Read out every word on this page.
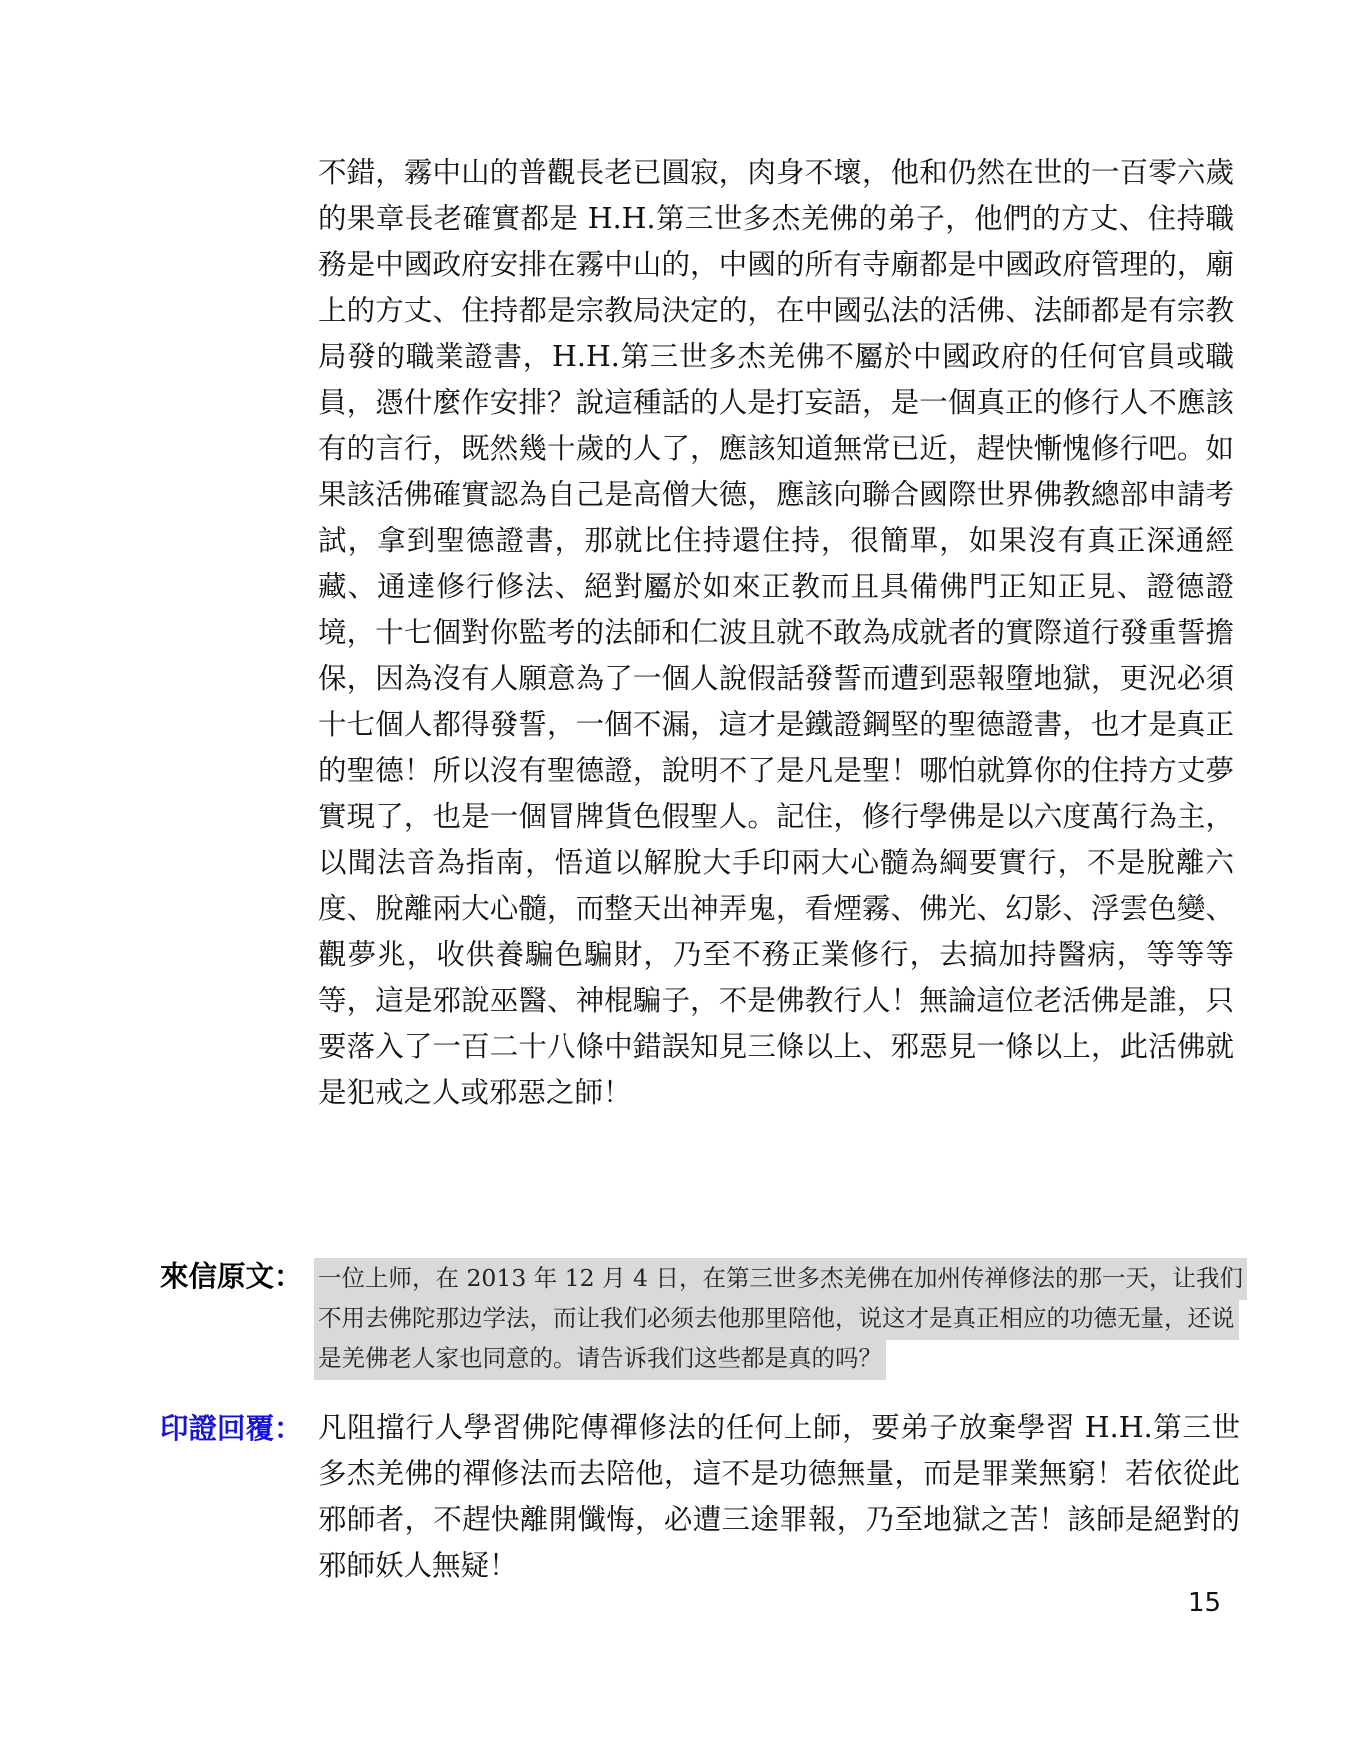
不錯，霧中山的普觀長老已圓寂，肉身不壞，他和仍然在世的一百零六歲的果章長老確實都是 H.H.第三世多杰羌佛的弟子，他們的方丈、住持職務是中國政府安排在霧中山的，中國的所有寺廟都是中國政府管理的，廟上的方丈、住持都是宗教局決定的，在中國弘法的活佛、法師都是有宗教局發的職業證書，H.H.第三世多杰羌佛不屬於中國政府的任何官員或職員，憑什麼作安排？說這種話的人是打妄語，是一個真正的修行人不應該有的言行，既然幾十歲的人了，應該知道無常已近，趕快慚愧修行吧。如果該活佛確實認為自己是高僧大德，應該向聯合國際世界佛教總部申請考試，拿到聖德證書，那就比住持還住持，很簡單，如果沒有真正深通經藏、通達修行修法、絕對屬於如來正教而且具備佛門正知正見、證德證境，十七個對你監考的法師和仁波且就不敢為成就者的實際道行發重誓擔保，因為沒有人願意為了一個人說假話發誓而遭到惡報墮地獄，更況必須十七個人都得發誓，一個不漏，這才是鐵證鋼堅的聖德證書，也才是真正的聖德！所以沒有聖德證，說明不了是凡是聖！哪怕就算你的住持方丈夢實現了，也是一個冒牌貨色假聖人。記住，修行學佛是以六度萬行為主，以聞法音為指南，悟道以解脫大手印兩大心髓為綱要實行，不是脫離六度、脫離兩大心髓，而整天出神弄鬼，看煙霧、佛光、幻影、浮雲色變、觀夢兆，收供養騙色騙財，乃至不務正業修行，去搞加持醫病，等等等等，這是邪說巫醫、神棍騙子，不是佛教行人！無論這位老活佛是誰，只要落入了一百二十八條中錯誤知見三條以上、邪惡見一條以上，此活佛就是犯戒之人或邪惡之師！

來信原文： 一位上师，在 2013 年 12 月 4 日，在第三世多杰羌佛在加州传禅修法的那一天，让我们不用去佛陀那边学法，而让我们必须去他那里陪他，说这才是真正相应的功德无量，还说是羌佛老人家也同意的。请告诉我们这些都是真的吗？

印證回覆： 凡阻擋行人學習佛陀傳禪修法的任何上師，要弟子放棄學習 H.H.第三世多杰羌佛的禪修法而去陪他，這不是功德無量，而是罪業無窮！若依從此邪師者，不趕快離開懺悔，必遭三途罪報，乃至地獄之苦！該師是絕對的邪師妖人無疑！

15
